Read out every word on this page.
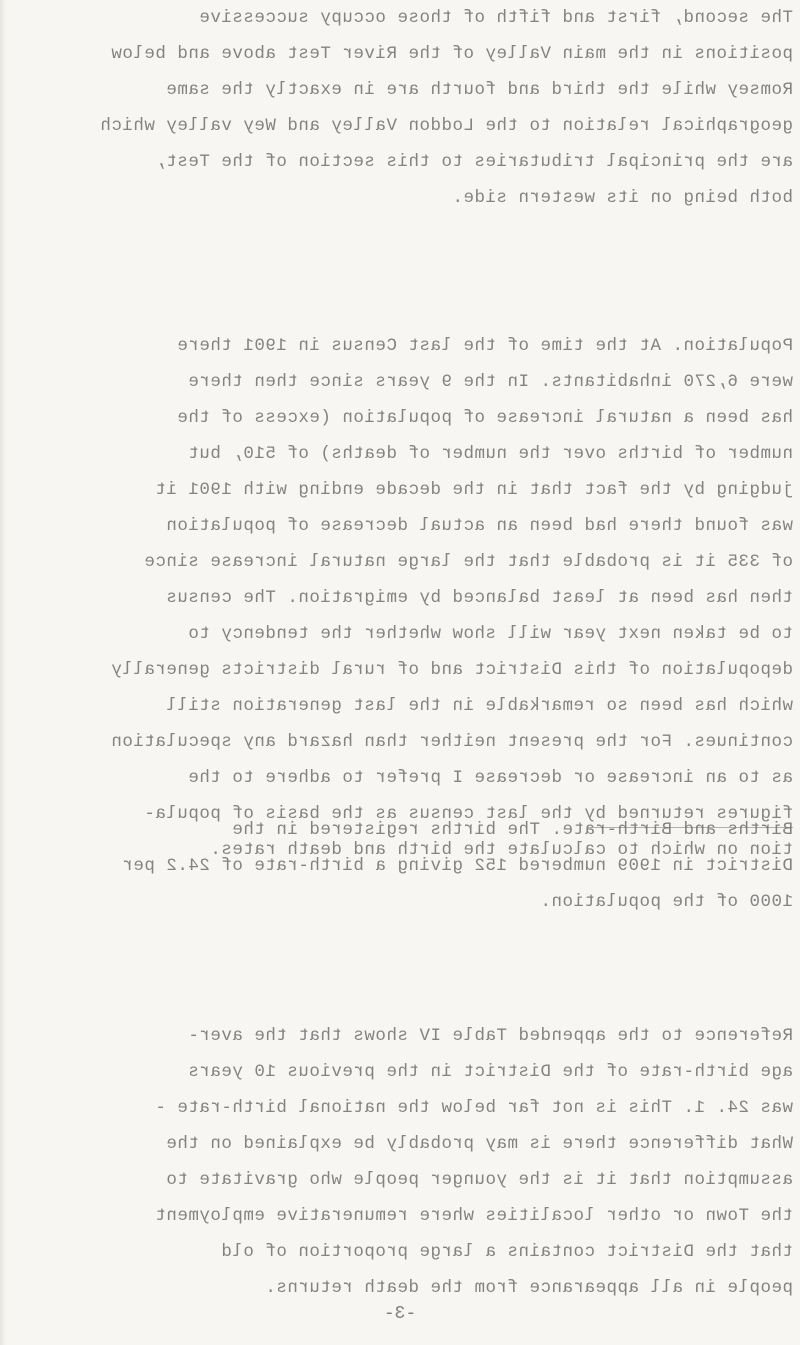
The second, first and fifth of those occupy successive
positions in the main Valley of the River Test above and below
Romsey while the third and fourth are in exactly the same
geographical relation to the Loddon Valley and Wey valley which
are the principal tributaries to this section of the Test,
both being on its western side.
Population. At the time of the last Census in 1901 there
were 6,270 inhabitants. In the 9 years since then there
has been a natural increase of population (excess of the
number of births over the number of deaths) of 510, but
judging by the fact that in the decade ending with 1901 it
was found there had been an actual decrease of population
of 335 it is probable that the large natural increase since
then has been at least balanced by emigration. The census
to be taken next year will show whether the tendency to
depopulation of this District and of rural districts generally
which has been so remarkable in the last generation still
continues. For the present neither than hazard any speculation
as to an increase or decrease I prefer to adhere to the
figures returned by the last census as the basis of popula-
tion on which to calculate the birth and death rates.
Births and Birth-rate. The births registered in the
District in 1909 numbered 152 giving a birth-rate of 24.2 per
1000 of the population.
Reference to the appended Table IV shows that the aver-
age birth-rate of the District in the previous 10 years
was 24. 1. This is not far below the national birth-rate -
What difference there is may probably be explained on the
assumption that it is the younger people who gravitate to
the Town or other localities where remunerative employment
that the District contains a large proportion of old
people in all appearance from the death returns.
-3-
